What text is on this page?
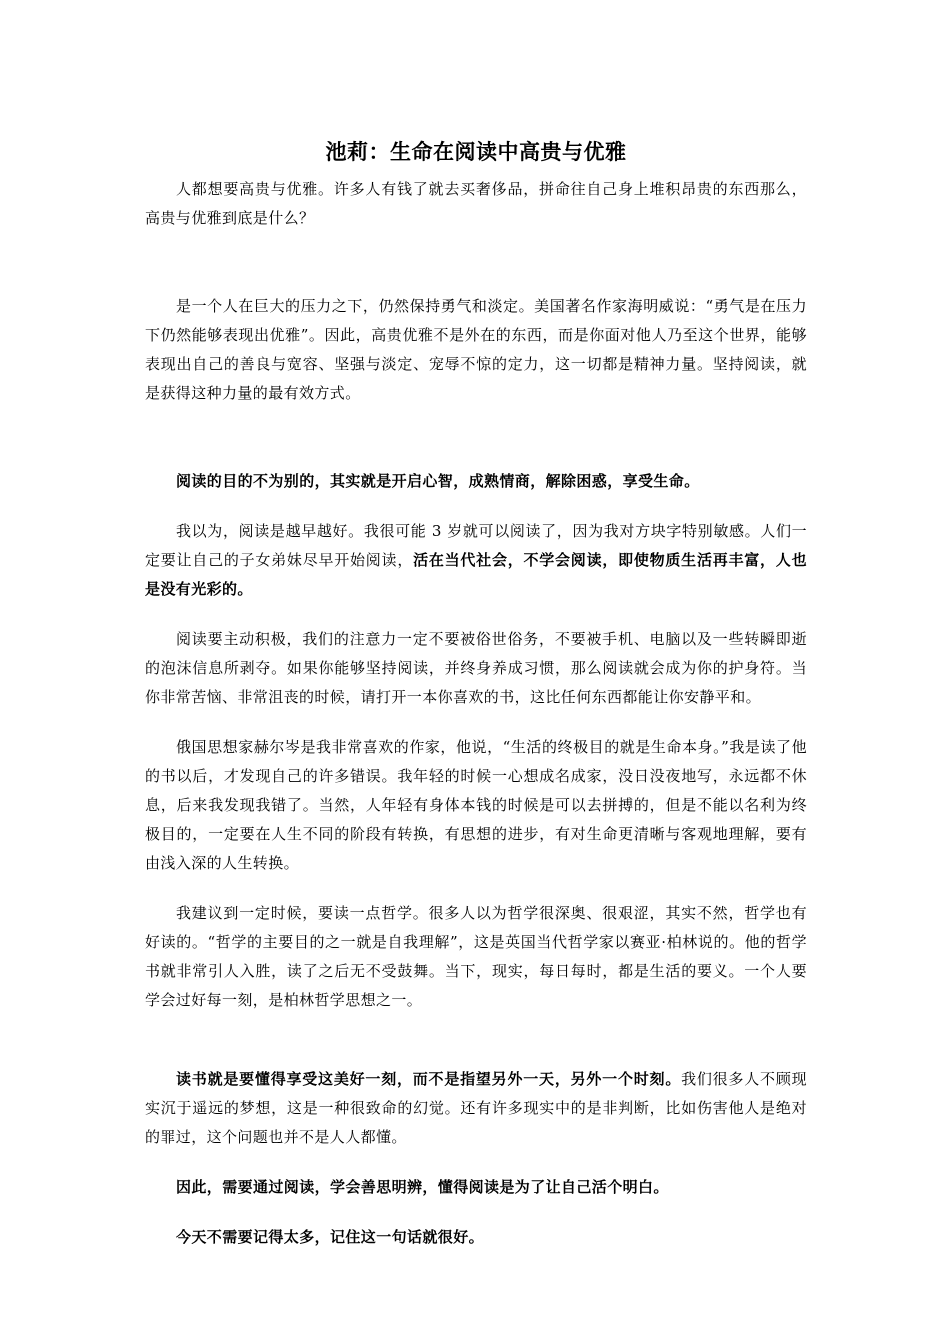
池莉：生命在阅读中高贵与优雅

人都想要高贵与优雅。许多人有钱了就去买奢侈品，拼命往自己身上堆积昂贵的东西那么，高贵与优雅到底是什么？

是一个人在巨大的压力之下，仍然保持勇气和淡定。美国著名作家海明威说：“勇气是在压力下仍然能够表现出优雅”。因此，高贵优雅不是外在的东西，而是你面对他人乃至这个世界，能够表现出自己的善良与宽容、坚强与淡定、宠辱不惊的定力，这一切都是精神力量。坚持阅读，就是获得这种力量的最有效方式。

阅读的目的不为别的，其实就是开启心智，成熟情商，解除困惑，享受生命。

我以为，阅读是越早越好。我很可能 3 岁就可以阅读了，因为我对方块字特别敏感。人们一定要让自己的子女弟妹尽早开始阅读，活在当代社会，不学会阅读，即使物质生活再丰富，人也是没有光彩的。

阅读要主动积极，我们的注意力一定不要被俗世俗务，不要被手机、电脑以及一些转瞬即逝的泡沫信息所剥夺。如果你能够坚持阅读，并终身养成习惯，那么阅读就会成为你的护身符。当你非常苦恼、非常沮丧的时候，请打开一本你喜欢的书，这比任何东西都能让你安静平和。

俄国思想家赫尔岑是我非常喜欢的作家，他说，“生活的终极目的就是生命本身。”我是读了他的书以后，才发现自己的许多错误。我年轻的时候一心想成名成家，没日没夜地写，永远都不休息，后来我发现我错了。当然，人年轻有身体本钱的时候是可以去拼搏的，但是不能以名利为终极目的，一定要在人生不同的阶段有转换，有思想的进步，有对生命更清晰与客观地理解，要有由浅入深的人生转换。

我建议到一定时候，要读一点哲学。很多人以为哲学很深奥、很艰涩，其实不然，哲学也有好读的。“哲学的主要目的之一就是自我理解”，这是英国当代哲学家以赛亚·柏林说的。他的哲学书就非常引人入胜，读了之后无不受鼓舞。当下，现实，每日每时，都是生活的要义。一个人要学会过好每一刻，是柏林哲学思想之一。

读书就是要懂得享受这美好一刻，而不是指望另外一天，另外一个时刻。我们很多人不顾现实沉于遥远的梦想，这是一种很致命的幻觉。还有许多现实中的是非判断，比如伤害他人是绝对的罪过，这个问题也并不是人人都懂。

因此，需要通过阅读，学会善思明辨，懂得阅读是为了让自己活个明白。

今天不需要记得太多，记住这一句话就很好。
